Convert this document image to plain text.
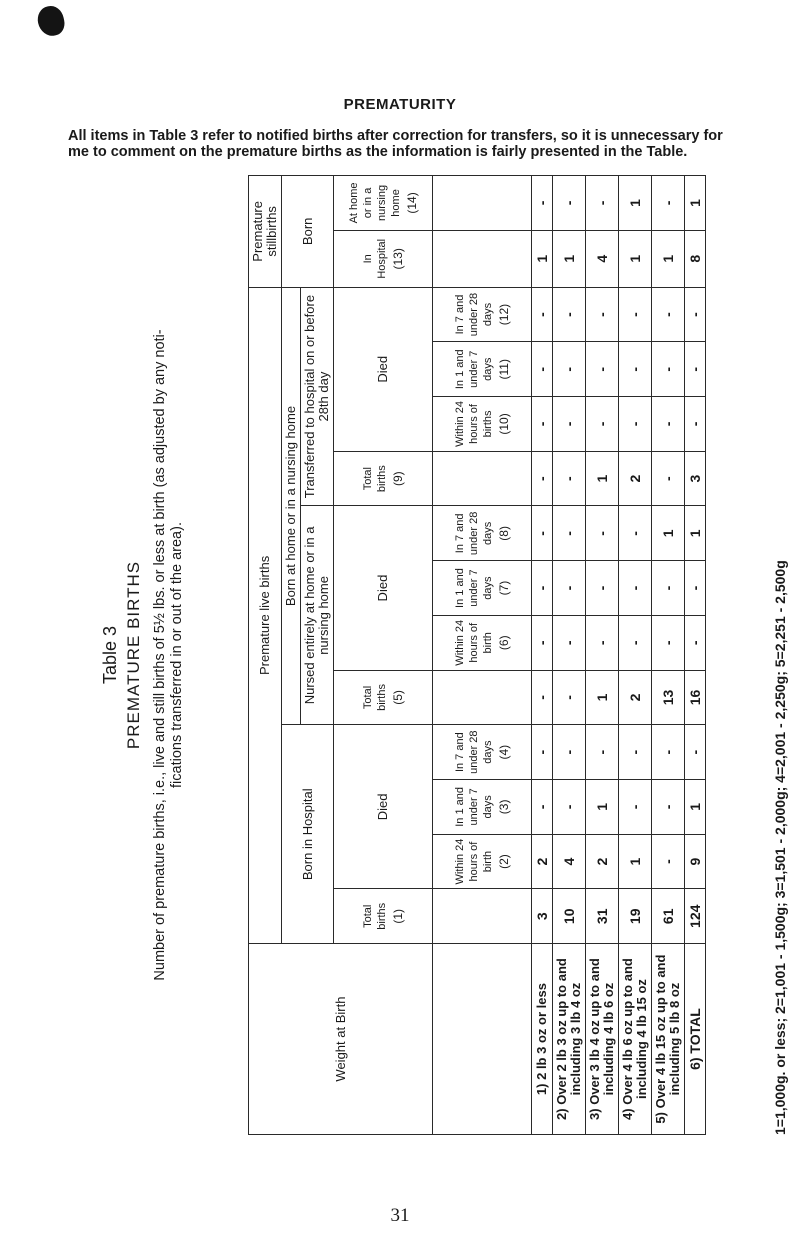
PREMATURITY
All items in Table 3 refer to notified births after correction for transfers, so it is unnecessary for me to comment on the premature births as the information is fairly presented in the Table.
Table 3 PREMATURE BIRTHS Number of premature births, i.e., live and still births of 5½ lbs. or less at birth (as adjusted by any noti- fications transferred in or out of the area).
Weight at Birth	Premature live births												Premature stillbirths	
	Born in Hospital				Born at home or in a nursing home								Born	
					Nursed entirely at home or in a nursing home				Transferred to hospital on or before 28th day					
	Total births (1)	Died			Total births (5)	Died			Total births (9)	Died			In Hospital (13)	At home or in a nursing home (14)

		Within 24 hours of birth (2)	In 1 and under 7 days (3)	In 7 and under 28 days (4)		Within 24 hours of birth (6)	In 1 and under 7 days (7)	In 7 and under 28 days (8)		Within 24 hours of births (10)	In 1 and under 7 days (11)	In 7 and under 28 days (12)		

1) 2 lb 3 oz or less	3	2	-	-	-	-	-	-	-	-	-	-	1	-
2) Over 2 lb 3 oz up to and including 3 lb 4 oz	10	4	-	-	-	-	-	-	-	-	-	-	1	-
3) Over 3 lb 4 oz up to and including 4 lb 6 oz	31	2	1	-	1	-	-	-	1	-	-	-	4	-
4) Over 4 lb 6 oz up to and including 4 lb 15 oz	19	1	-	-	2	-	-	-	2	-	-	-	1	1
5) Over 4 lb 15 oz up to and including 5 lb 8 oz	61	-	-	-	13	-	-	1	-	-	-	-	1	-
6) TOTAL	124	9	1	-	16	-	-	1	3	-	-	-	8	1
1=1,000g. or less; 2=1,001 - 1,500g; 3=1,501 - 2,000g; 4=2,001 - 2,250g; 5=2,251 - 2,500g
31
